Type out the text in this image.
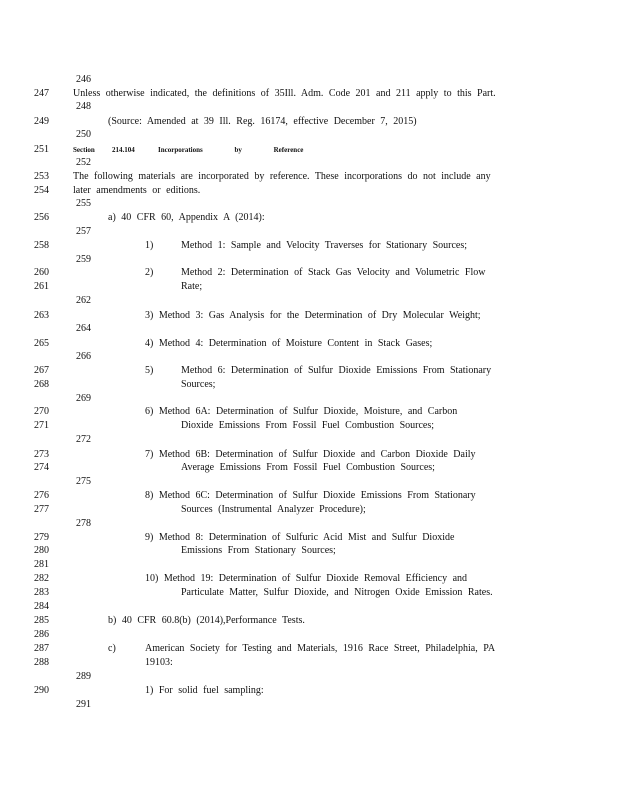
246
247 Unless otherwise indicated, the definitions of 35Ill. Adm. Code 201 and 211 apply to this Part.
248
249	(Source: Amended at 39 Ill. Reg. 16174, effective December 7, 2015)
250
251	Section 214.104	Incorporations by Reference
252
253 The following materials are incorporated by reference. These incorporations do not include any
254 later amendments or editions.
255
256	a) 40 CFR 60, Appendix A (2014):
257
258	1)	Method 1: Sample and Velocity Traverses for Stationary Sources;
259
260	2)	Method 2: Determination of Stack Gas Velocity and Volumetric Flow
261	Rate;
262
263	3) Method 3: Gas Analysis for the Determination of Dry Molecular Weight;
264
265	4) Method 4: Determination of Moisture Content in Stack Gases;
266
267	5)	Method 6: Determination of Sulfur Dioxide Emissions From Stationary
268	Sources;
269
270	6) Method 6A: Determination of Sulfur Dioxide, Moisture, and Carbon
271	Dioxide Emissions From Fossil Fuel Combustion Sources;
272
273	7) Method 6B: Determination of Sulfur Dioxide and Carbon Dioxide Daily
274	Average Emissions From Fossil Fuel Combustion Sources;
275
276	8) Method 6C: Determination of Sulfur Dioxide Emissions From Stationary
277	Sources (Instrumental Analyzer Procedure);
278
279	9) Method 8: Determination of Sulfuric Acid Mist and Sulfur Dioxide
280	Emissions From Stationary Sources;
281
282	10) Method 19: Determination of Sulfur Dioxide Removal Efficiency and
283	Particulate Matter, Sulfur Dioxide, and Nitrogen Oxide Emission Rates.
284
285	b) 40 CFR 60.8(b) (2014),Performance Tests.
286
287	c)	American Society for Testing and Materials, 1916 Race Street, Philadelphia, PA
288	19103:
289
290	1) For solid fuel sampling:
291
